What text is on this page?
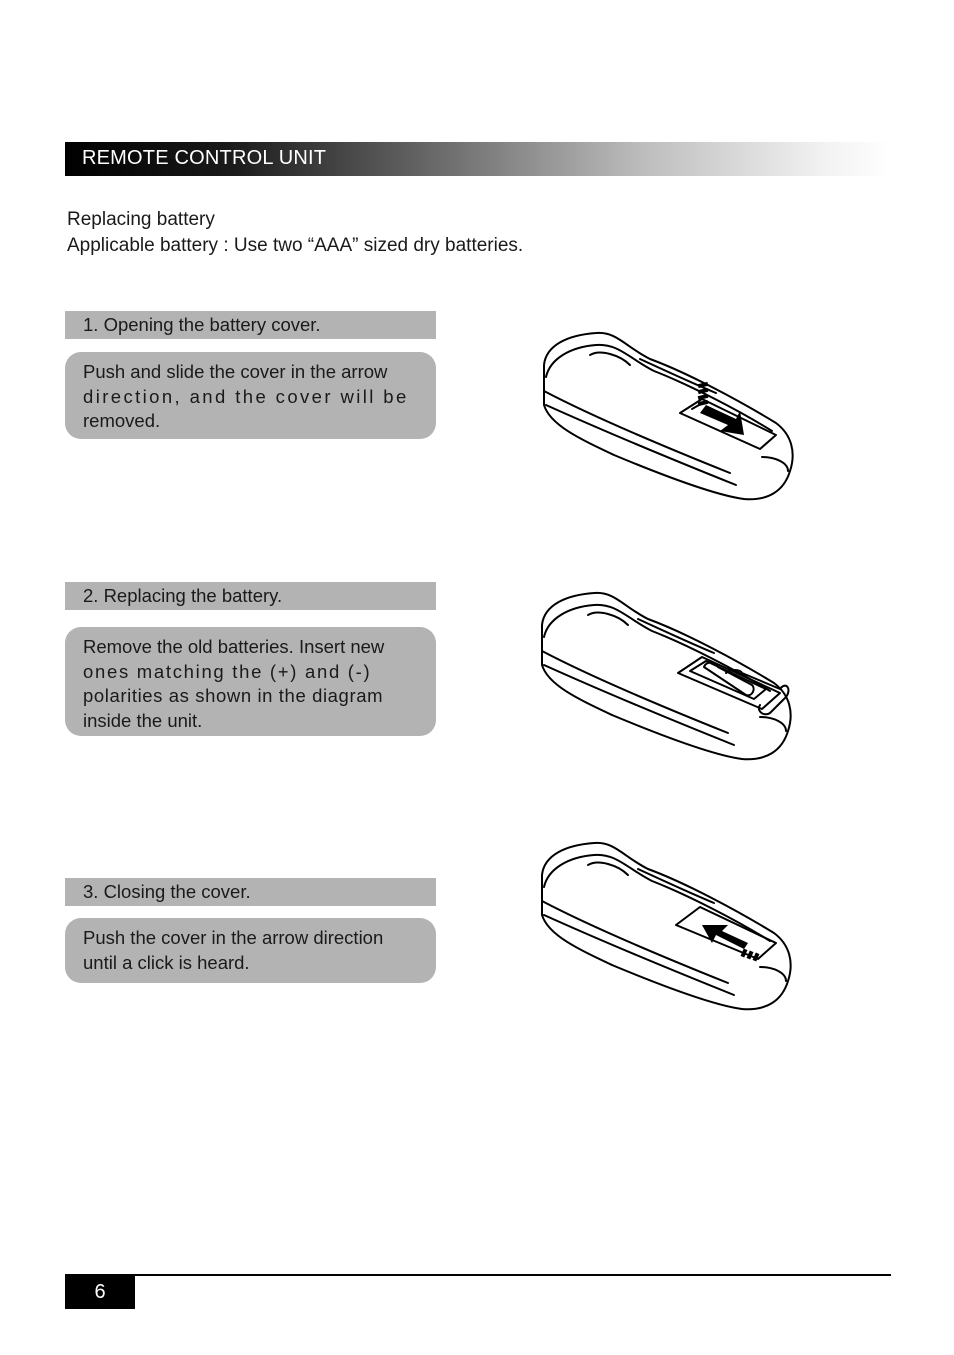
REMOTE CONTROL UNIT
Replacing battery
Applicable battery : Use two “AAA” sized dry batteries.
1. Opening the battery cover.
Push and slide the cover in the arrow
direction, and the cover will be
removed.
2. Replacing the battery.
Remove the old batteries. Insert new
ones matching the (+) and (-)
polarities as shown in the diagram
inside the unit.
3. Closing the cover.
Push the cover in the arrow direction
until a click is heard.
6
